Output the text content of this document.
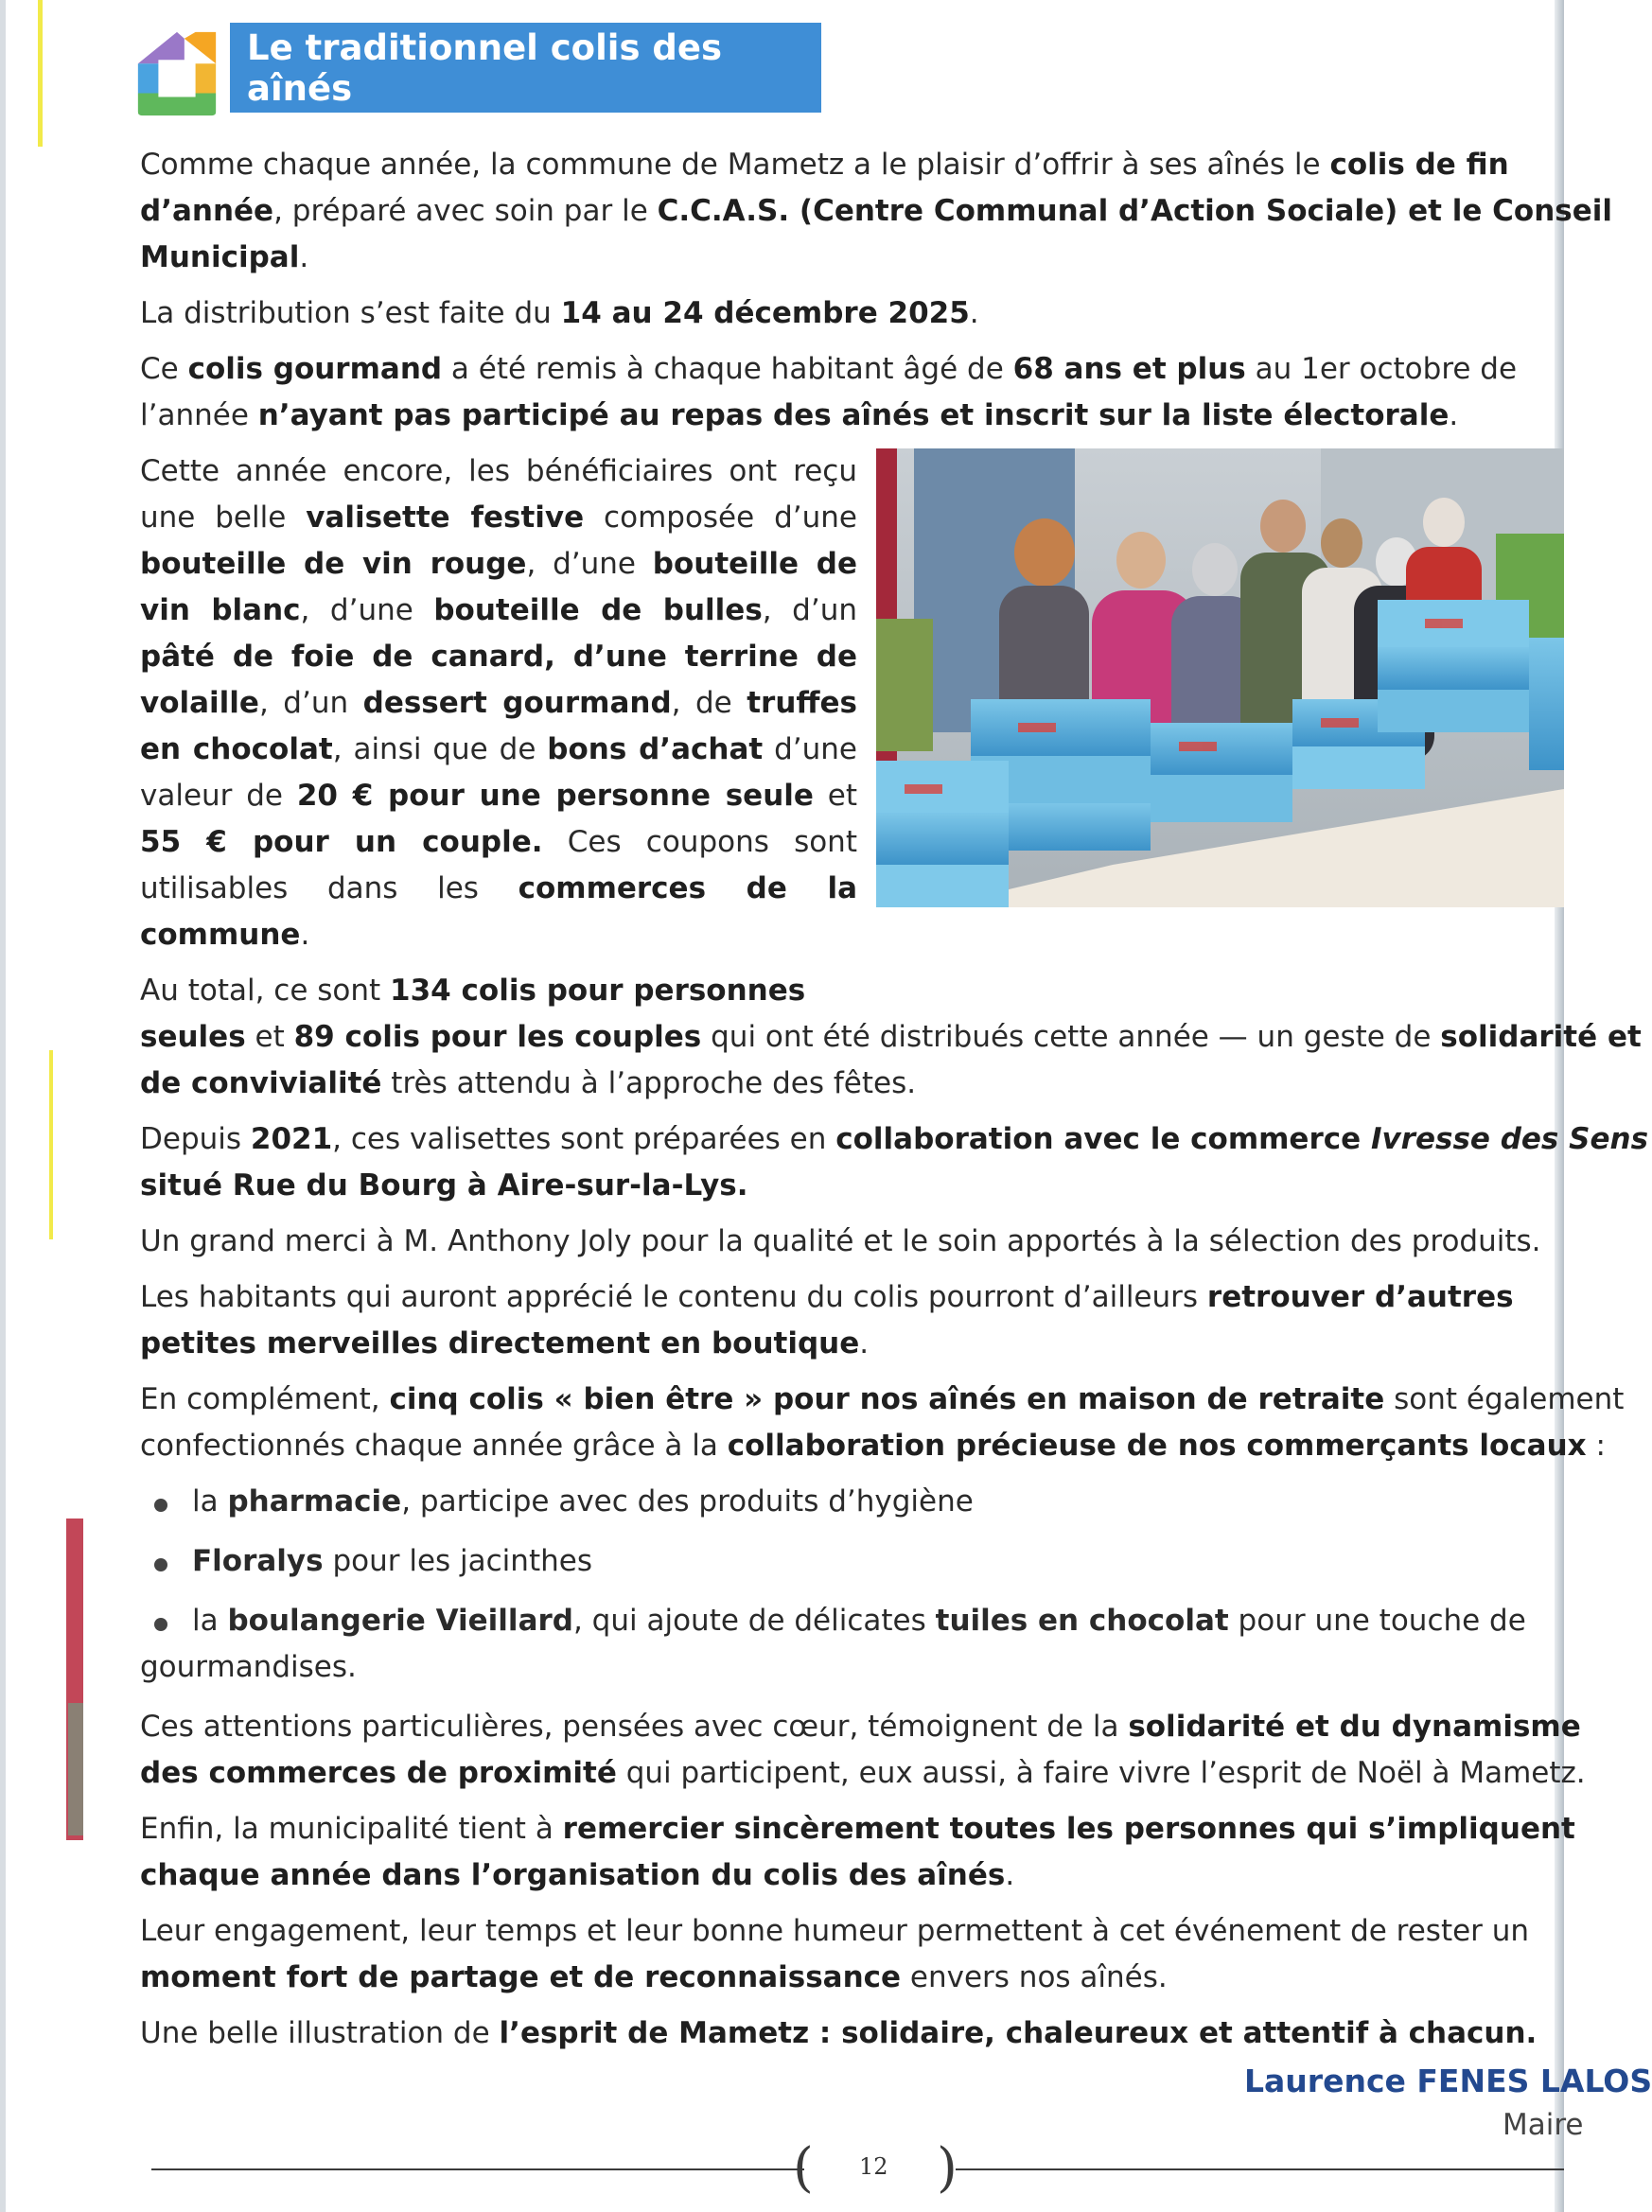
Le traditionnel colis des aînés

Comme chaque année, la commune de Mametz a le plaisir d’offrir à ses aînés le colis de fin
d’année, préparé avec soin par le C.C.A.S. (Centre Communal d’Action Sociale) et le Conseil
Municipal.

La distribution s’est faite du 14 au 24 décembre 2025.

Ce colis gourmand a été remis à chaque habitant âgé de 68 ans et plus au 1er octobre de
l’année n’ayant pas participé au repas des aînés et inscrit sur la liste électorale.

Cette année encore, les bénéficiaires ont reçu une belle valisette festive composée d’une bouteille de vin rouge, d’une bouteille de vin blanc, d’une bouteille de bulles, d’un pâté de foie de canard, d’une terrine de volaille, d’un dessert gourmand, de truffes en chocolat, ainsi que de bons d’achat d’une valeur de 20 € pour une personne seule et 55 € pour un couple. Ces coupons sont utilisables dans les commerces de la commune.

Au total, ce sont 134 colis pour personnes
seules et 89 colis pour les couples qui ont été distribués cette année — un geste de solidarité et
de convivialité très attendu à l’approche des fêtes.

Depuis 2021, ces valisettes sont préparées en collaboration avec le commerce Ivresse des Sens
situé Rue du Bourg à Aire-sur-la-Lys.

Un grand merci à M. Anthony Joly pour la qualité et le soin apportés à la sélection des produits.

Les habitants qui auront apprécié le contenu du colis pourront d’ailleurs retrouver d’autres
petites merveilles directement en boutique.

En complément, cinq colis « bien être » pour nos aînés en maison de retraite sont également
confectionnés chaque année grâce à la collaboration précieuse de nos commerçants locaux :

la pharmacie, participe avec des produits d’hygiène
Floralys pour les jacinthes
la boulangerie Vieillard, qui ajoute de délicates tuiles en chocolat pour une touche de
gourmandises.

Ces attentions particulières, pensées avec cœur, témoignent de la solidarité et du dynamisme
des commerces de proximité qui participent, eux aussi, à faire vivre l’esprit de Noël à Mametz.

Enfin, la municipalité tient à remercier sincèrement toutes les personnes qui s’impliquent
chaque année dans l’organisation du colis des aînés.

Leur engagement, leur temps et leur bonne humeur permettent à cet événement de rester un
moment fort de partage et de reconnaissance envers nos aînés.

Une belle illustration de l’esprit de Mametz : solidaire, chaleureux et attentif à chacun.

Laurence FENES LALOS
Maire
( )
12
